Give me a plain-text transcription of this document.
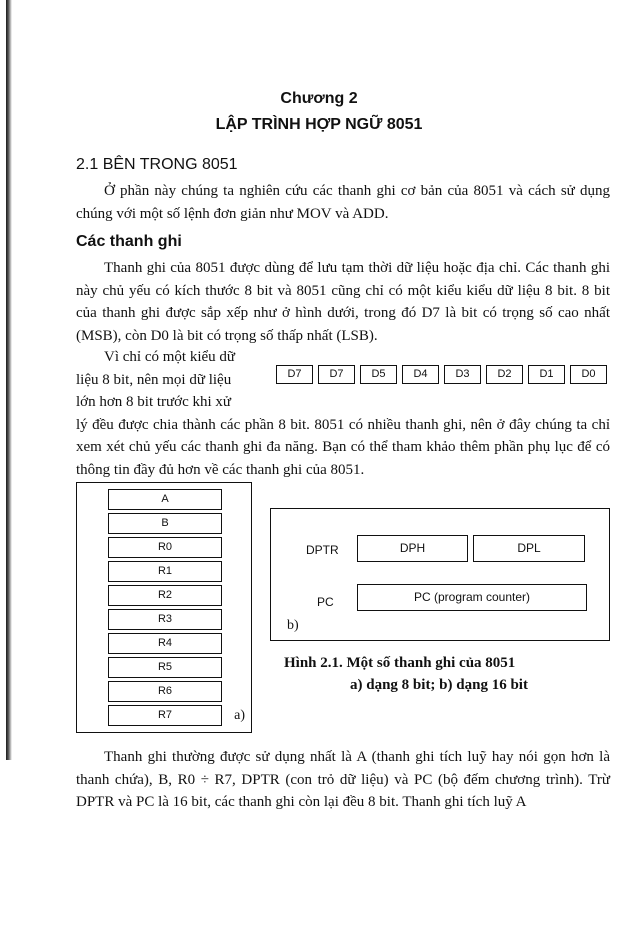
Chương 2
LẬP TRÌNH HỢP NGỮ 8051
2.1 BÊN TRONG 8051

Ở phần này chúng ta nghiên cứu các thanh ghi cơ bản của 8051 và cách sử dụng chúng với một số lệnh đơn giản như MOV và ADD.

Các thanh ghi

Thanh ghi của 8051 được dùng để lưu tạm thời dữ liệu hoặc địa chỉ. Các thanh ghi này chủ yếu có kích thước 8 bit và 8051 cũng chỉ có một kiểu kiểu dữ liệu 8 bit. 8 bit của thanh ghi được sắp xếp như ở hình dưới, trong đó D7 là bit có trọng số cao nhất (MSB), còn D0 là bit có trọng số thấp nhất (LSB).

Vì chỉ có một kiểu dữ

liệu 8 bit, nên mọi dữ liệu

lớn hơn 8 bit trước khi xử

D7	D7	D5	D4	D3	D2	D1	D0

lý đều được chia thành các phần 8 bit. 8051 có nhiều thanh ghi, nên ở đây chúng ta chỉ xem xét chủ yếu các thanh ghi đa năng. Bạn có thể tham khảo thêm phần phụ lục để có thông tin đầy đủ hơn về các thanh ghi của 8051.

A
B
R0
R1
R2
R3
R4
R5
R6
R7	a)
DPTR	DPH	DPL
PC	PC (program counter)
b)
Hình 2.1. Một số thanh ghi của 8051
a) dạng 8 bit; b) dạng 16 bit

Thanh ghi thường được sử dụng nhất là A (thanh ghi tích luỹ hay nói gọn hơn là thanh chứa), B, R0 ÷ R7, DPTR (con trỏ dữ liệu) và PC (bộ đếm chương trình). Trừ DPTR và PC là 16 bit, các thanh ghi còn lại đều 8 bit. Thanh ghi tích luỹ A
